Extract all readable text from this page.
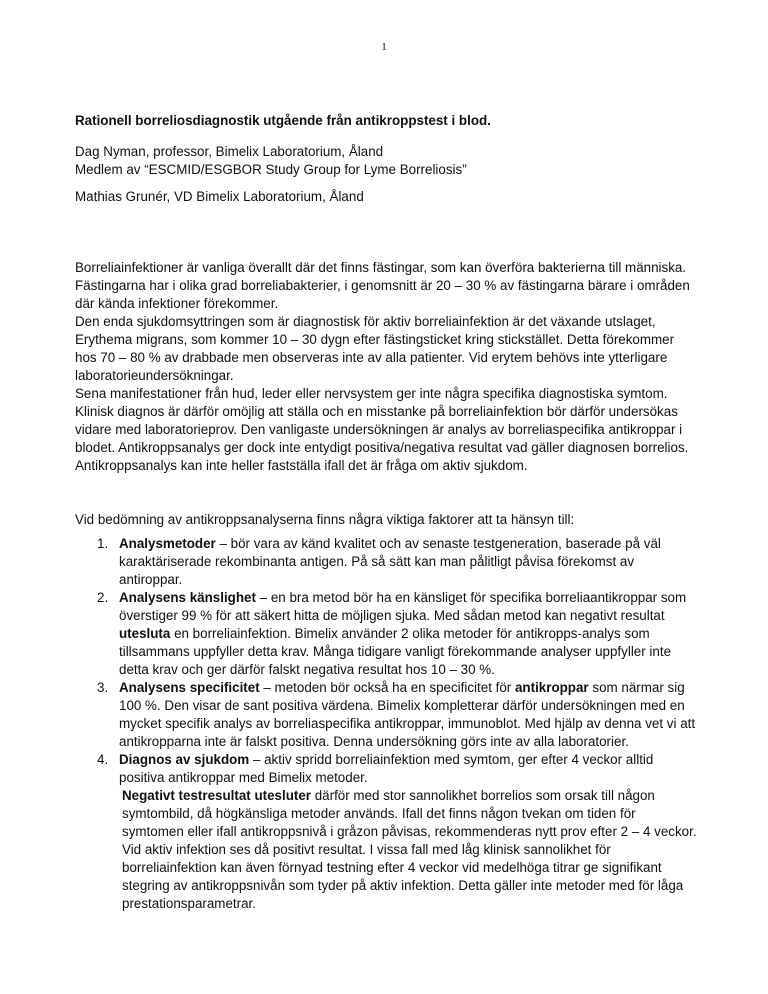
1

Rationell borreliosdiagnostik utgående från antikroppstest i blod.

Dag Nyman, professor, Bimelix Laboratorium, Åland
Medlem av “ESCMID/ESGBOR Study Group for Lyme Borreliosis”

Mathias Grunér, VD Bimelix Laboratorium, Åland

Borreliainfektioner är vanliga överallt där det finns fästingar, som kan överföra bakterierna till människa. Fästingarna har i olika grad borreliabakterier, i genomsnitt är 20 – 30 % av fästingarna bärare i områden där kända infektioner förekommer.

Den enda sjukdomsyttringen som är diagnostisk för aktiv borreliainfektion är det växande utslaget, Erythema migrans, som kommer 10 – 30 dygn efter fästingsticket kring stickstället. Detta förekommer hos 70 – 80 % av drabbade men observeras inte av alla patienter. Vid erytem behövs inte ytterligare laboratorieundersökningar.

Sena manifestationer från hud, leder eller nervsystem ger inte några specifika diagnostiska symtom. Klinisk diagnos är därför omöjlig att ställa och en misstanke på borreliainfektion bör därför undersökas vidare med laboratorieprov. Den vanligaste undersökningen är analys av borreliaspecifika antikroppar i blodet. Antikroppsanalys ger dock inte entydigt positiva/negativa resultat vad gäller diagnosen borrelios. Antikroppsanalys kan inte heller fastställa ifall det är fråga om aktiv sjukdom.

Vid bedömning av antikroppsanalyserna finns några viktiga faktorer att ta hänsyn till:

1. Analysmetoder – bör vara av känd kvalitet och av senaste testgeneration, baserade på väl karaktäriserade rekombinanta antigen. På så sätt kan man pålitligt påvisa förekomst av antiroppar.
2. Analysens känslighet – en bra metod bör ha en känsliget för specifika borreliaantikroppar som överstiger 99 % för att säkert hitta de möjligen sjuka. Med sådan metod kan negativt resultat utesluta en borreliainfektion. Bimelix använder 2 olika metoder för antikropps-analys som tillsammans uppfyller detta krav. Många tidigare vanligt förekommande analyser uppfyller inte detta krav och ger därför falskt negativa resultat hos 10 – 30 %.
3. Analysens specificitet – metoden bör också ha en specificitet för antikroppar som närmar sig 100 %. Den visar de sant positiva värdena. Bimelix kompletterar därför undersökningen med en mycket specifik analys av borreliaspecifika antikroppar, immunoblot. Med hjälp av denna vet vi att antikropparna inte är falskt positiva. Denna undersökning görs inte av alla laboratorier.
4. Diagnos av sjukdom – aktiv spridd borreliainfektion med symtom, ger efter 4 veckor alltid positiva antikroppar med Bimelix metoder.
Negativt testresultat utesluter därför med stor sannolikhet borrelios som orsak till någon symtombild, då högkänsliga metoder används. Ifall det finns någon tvekan om tiden för symtomen eller ifall antikroppsnivå i gråzon påvisas, rekommenderas nytt prov efter 2 – 4 veckor. Vid aktiv infektion ses då positivt resultat. I vissa fall med låg klinisk sannolikhet för borreliainfektion kan även förnyad testning efter 4 veckor vid medelhöga titrar ge signifikant stegring av antikroppsnivån som tyder på aktiv infektion. Detta gäller inte metoder med för låga prestationsparametrar.
